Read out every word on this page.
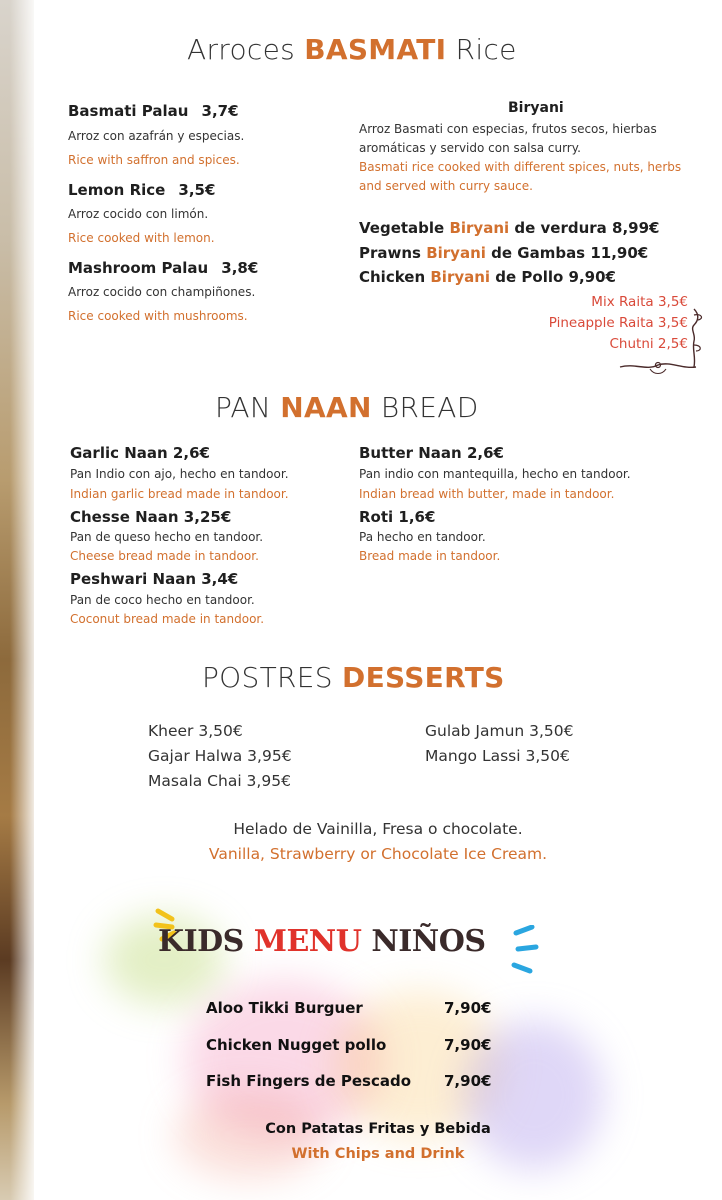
Arroces BASMATI Rice
Basmati Palau 3,7€
Arroz con azafrán y especias.
Rice with saffron and spices.
Lemon Rice 3,5€
Arroz cocido con limón.
Rice cooked with lemon.
Mashroom Palau 3,8€
Arroz cocido con champiñones.
Rice cooked with mushrooms.
Biryani
Arroz Basmati con especias, frutos secos, hierbas
aromáticas y servido con salsa curry.
Basmati rice cooked with different spices, nuts, herbs
and served with curry sauce.
Vegetable Biryani de verdura 8,99€
Prawns Biryani de Gambas 11,90€
Chicken Biryani de Pollo 9,90€
Mix Raita 3,5€
Pineapple Raita 3,5€
Chutni 2,5€
PAN NAAN BREAD
Garlic Naan 2,6€
Pan Indio con ajo, hecho en tandoor.
Indian garlic bread made in tandoor.
Chesse Naan 3,25€
Pan de queso hecho en tandoor.
Cheese bread made in tandoor.
Peshwari Naan 3,4€
Pan de coco hecho en tandoor.
Coconut bread made in tandoor.
Butter Naan 2,6€
Pan indio con mantequilla, hecho en tandoor.
Indian bread with butter, made in tandoor.
Roti 1,6€
Pa hecho en tandoor.
Bread made in tandoor.
POSTRES DESSERTS
Kheer 3,50€
Gajar Halwa 3,95€
Masala Chai 3,95€
Gulab Jamun 3,50€
Mango Lassi 3,50€
Helado de Vainilla, Fresa o chocolate.
Vanilla, Strawberry or Chocolate Ice Cream.
KIDS MENU NIÑOS
Aloo Tikki Burguer	7,90€
Chicken Nugget pollo	7,90€
Fish Fingers de Pescado 7,90€
Con Patatas Fritas y Bebida
With Chips and Drink
